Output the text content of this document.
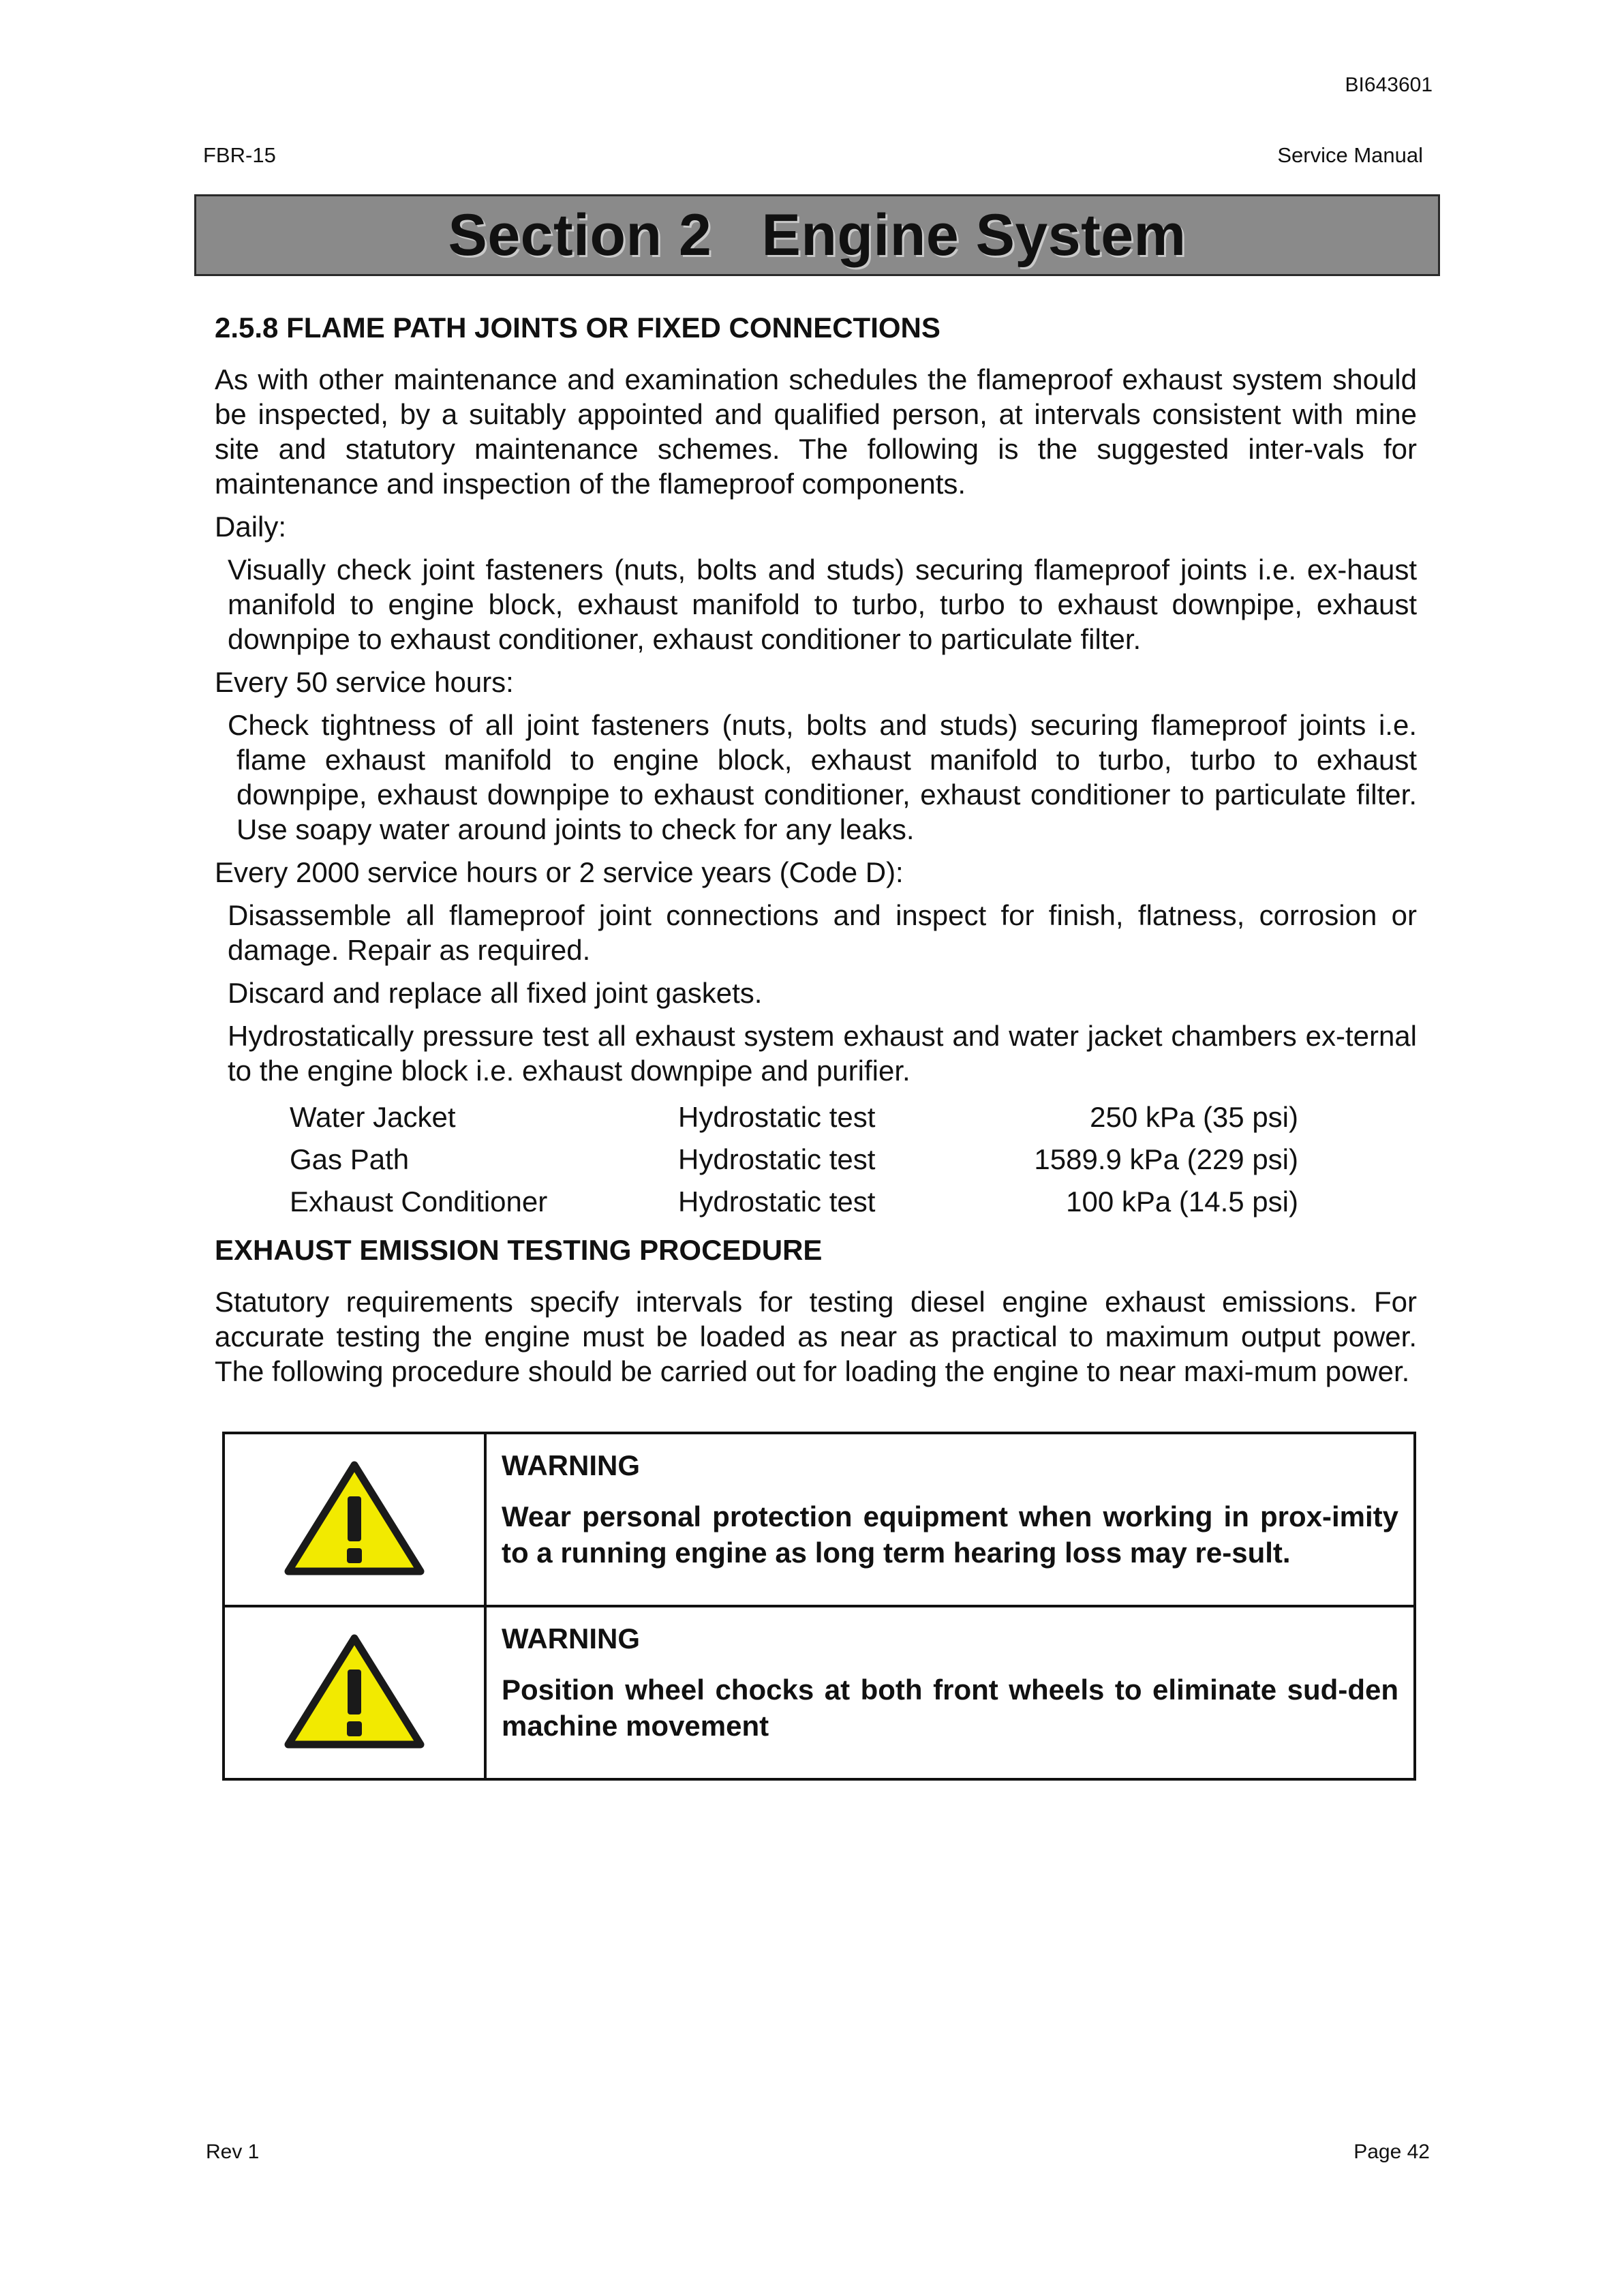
BI643601
FBR-15	Service Manual
Section 2   Engine System
2.5.8 FLAME PATH JOINTS OR FIXED CONNECTIONS

As with other maintenance and examination schedules the flameproof exhaust system should be inspected, by a suitably appointed and qualified person, at intervals consistent with mine site and statutory maintenance schemes. The following is the suggested inter-vals for maintenance and inspection of the flameproof components.

Daily:

Visually check joint fasteners (nuts, bolts and studs) securing flameproof joints i.e. ex-haust manifold to engine block, exhaust manifold to turbo, turbo to exhaust downpipe, exhaust downpipe to exhaust conditioner, exhaust conditioner to particulate filter.

Every 50 service hours:

Check tightness of all joint fasteners (nuts, bolts and studs) securing flameproof joints i.e. flame exhaust manifold to engine block, exhaust manifold to turbo, turbo to exhaust downpipe, exhaust downpipe to exhaust conditioner, exhaust conditioner to particulate filter. Use soapy water around joints to check for any leaks.

Every 2000 service hours or 2 service years (Code D):

Disassemble all flameproof joint connections and inspect for finish, flatness, corrosion or damage. Repair as required.

Discard and replace all fixed joint gaskets.

Hydrostatically pressure test all exhaust system exhaust and water jacket chambers ex-ternal to the engine block i.e. exhaust downpipe and purifier.

Water Jacket	Hydrostatic test	250 kPa (35 psi)
Gas Path	Hydrostatic test	1589.9 kPa (229 psi)
Exhaust Conditioner	Hydrostatic test	100 kPa (14.5 psi)
EXHAUST EMISSION TESTING PROCEDURE

Statutory requirements specify intervals for testing diesel engine exhaust emissions. For accurate testing the engine must be loaded as near as practical to maximum output power. The following procedure should be carried out for loading the engine to near maxi-mum power.

WARNING
Wear personal protection equipment when working in prox-imity to a running engine as long term hearing loss may re-sult.

WARNING
Position wheel chocks at both front wheels to eliminate sud-den machine movement
Rev 1	Page 42
